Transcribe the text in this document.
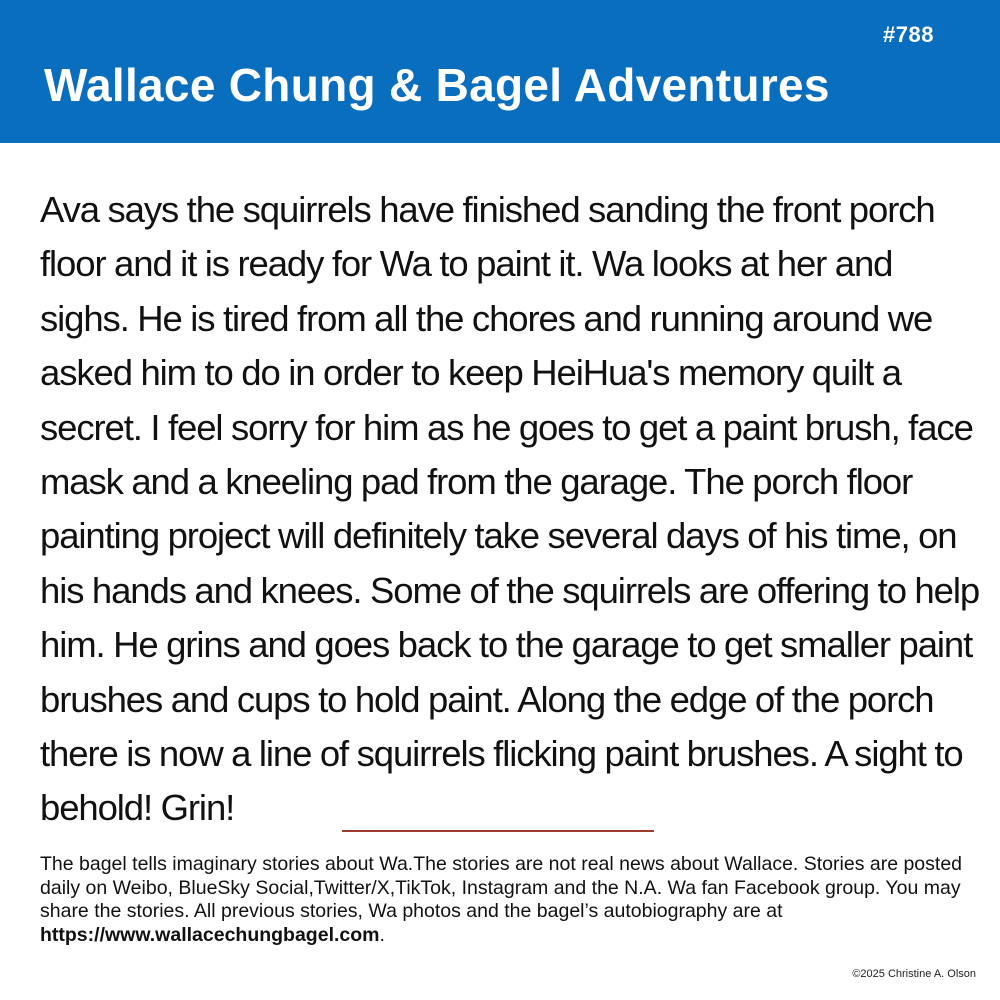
#788
Wallace Chung & Bagel Adventures

Ava says the squirrels have finished sanding the front porch floor and it is ready for Wa to paint it. Wa looks at her and sighs. He is tired from all the chores and running around we asked him to do in order to keep HeiHua's memory quilt a secret. I feel sorry for him as he goes to get a paint brush, face mask and a kneeling pad from the garage. The porch floor painting project will definitely take several days of his time, on his hands and knees. Some of the squirrels are offering to help him. He grins and goes back to the garage to get smaller paint brushes and cups to hold paint. Along the edge of the porch there is now a line of squirrels flicking paint brushes. A sight to behold! Grin!

The bagel tells imaginary stories about Wa.The stories are not real news about Wallace. Stories are posted daily on Weibo, BlueSky Social,Twitter/X,TikTok, Instagram and the N.A. Wa fan Facebook group. You may share the stories. All previous stories, Wa photos and the bagel’s autobiography are at https://www.wallacechungbagel.com.

©2025 Christine A. Olson
